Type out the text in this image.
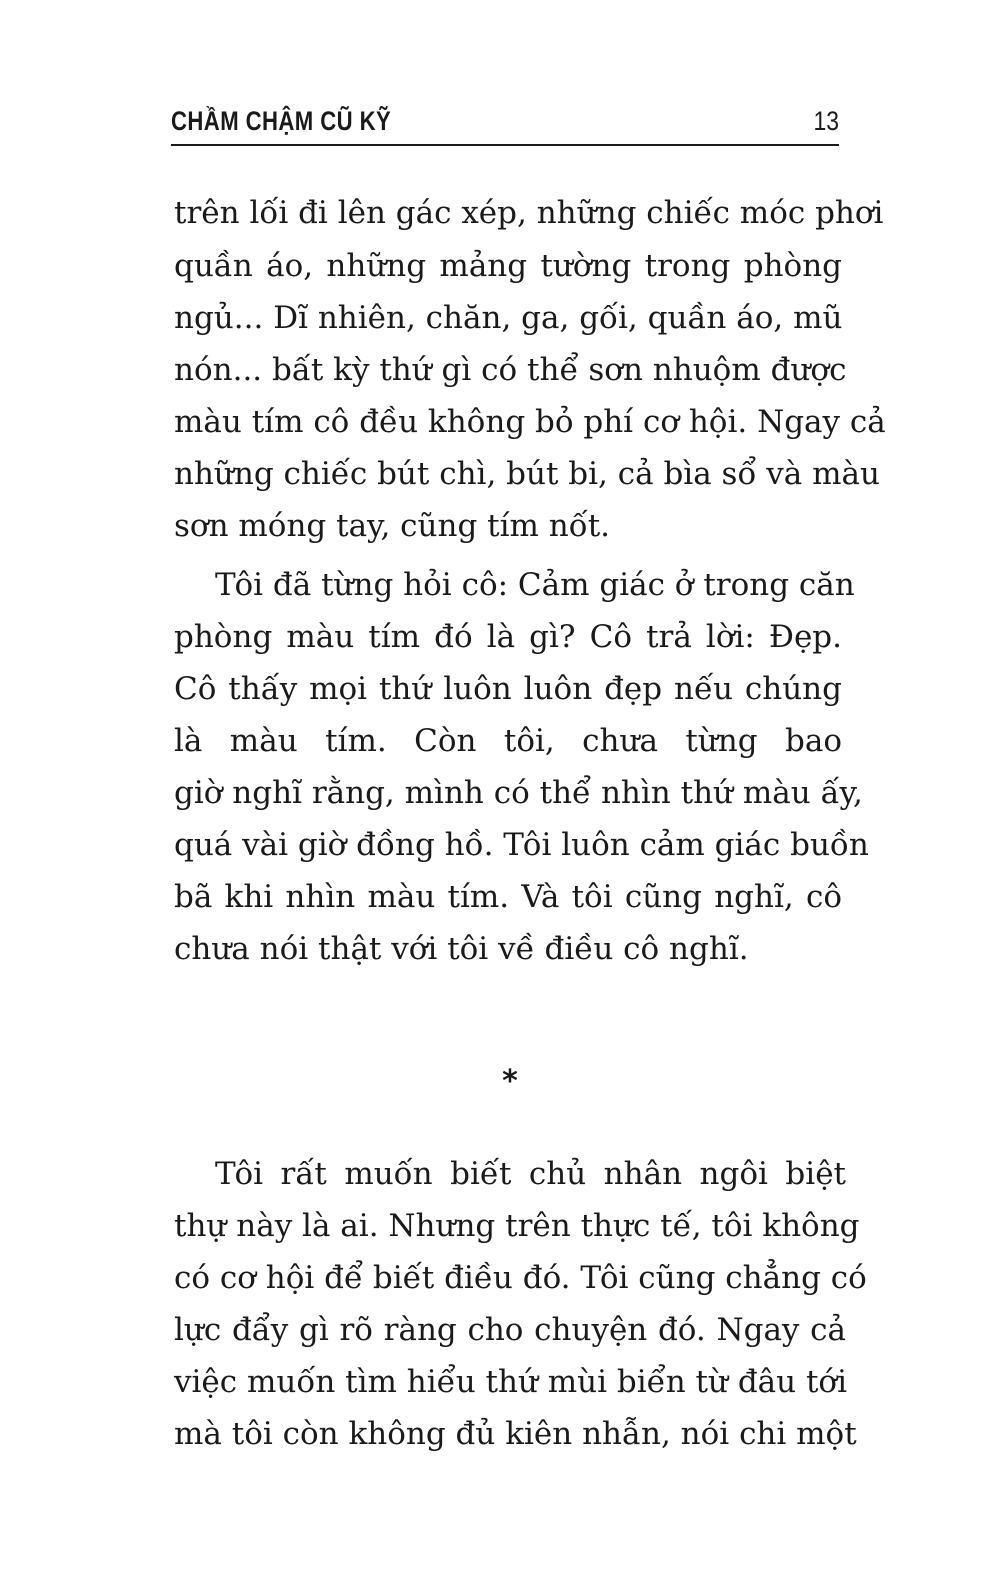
CHẦM CHẬM CŨ KỸ	13
trên lối đi lên gác xép, những chiếc móc phơi
quần áo, những mảng tường trong phòng
ngủ... Dĩ nhiên, chăn, ga, gối, quần áo, mũ
nón... bất kỳ thứ gì có thể sơn nhuộm được
màu tím cô đều không bỏ phí cơ hội. Ngay cả
những chiếc bút chì, bút bi, cả bìa sổ và màu
sơn móng tay, cũng tím nốt.
Tôi đã từng hỏi cô: Cảm giác ở trong căn
phòng màu tím đó là gì? Cô trả lời: Đẹp.
Cô thấy mọi thứ luôn luôn đẹp nếu chúng
là màu tím. Còn tôi, chưa từng bao
giờ nghĩ rằng, mình có thể nhìn thứ màu ấy,
quá vài giờ đồng hồ. Tôi luôn cảm giác buồn
bã khi nhìn màu tím. Và tôi cũng nghĩ, cô
chưa nói thật với tôi về điều cô nghĩ.
*
Tôi rất muốn biết chủ nhân ngôi biệt
thự này là ai. Nhưng trên thực tế, tôi không
có cơ hội để biết điều đó. Tôi cũng chẳng có
lực đẩy gì rõ ràng cho chuyện đó. Ngay cả
việc muốn tìm hiểu thứ mùi biển từ đâu tới
mà tôi còn không đủ kiên nhẫn, nói chi một
